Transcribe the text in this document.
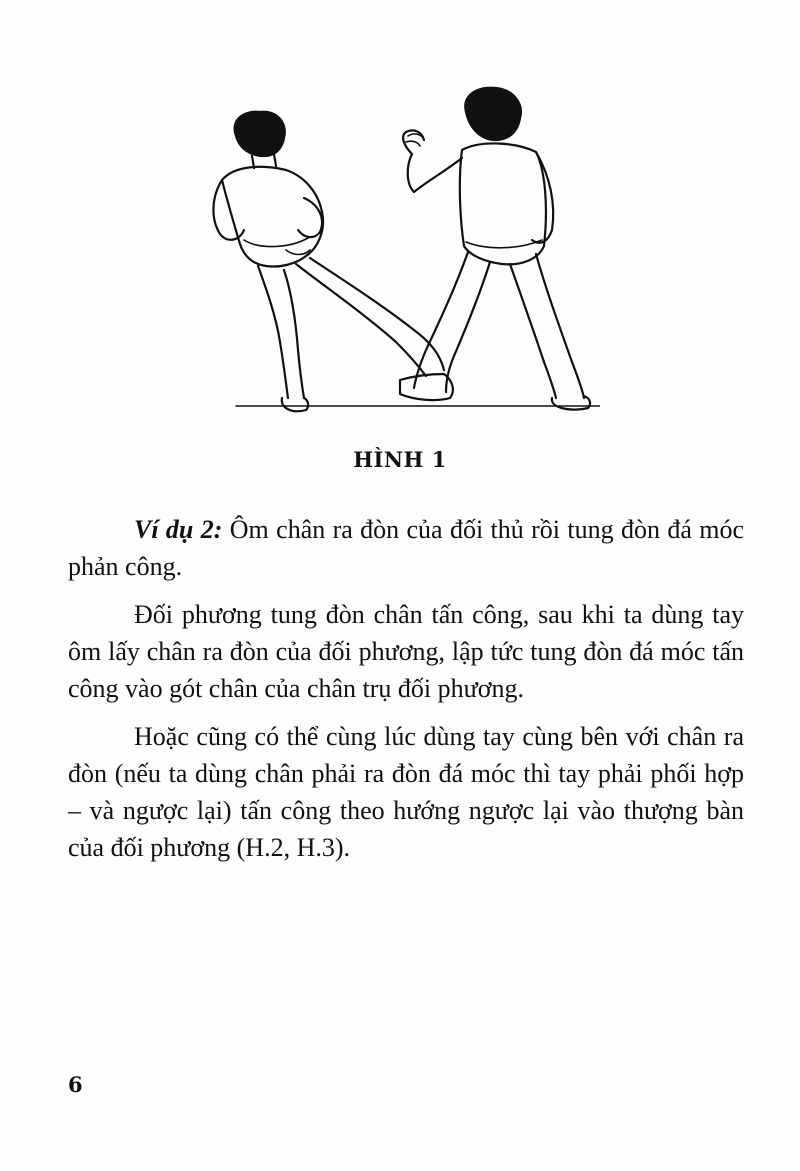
HÌNH 1

Ví dụ 2: Ôm chân ra đòn của đối thủ rồi tung đòn đá móc phản công.

Đối phương tung đòn chân tấn công, sau khi ta dùng tay ôm lấy chân ra đòn của đối phương, lập tức tung đòn đá móc tấn công vào gót chân của chân trụ đối phương.

Hoặc cũng có thể cùng lúc dùng tay cùng bên với chân ra đòn (nếu ta dùng chân phải ra đòn đá móc thì tay phải phối hợp – và ngược lại) tấn công theo hướng ngược lại vào thượng bàn của đối phương (H.2, H.3).

6
